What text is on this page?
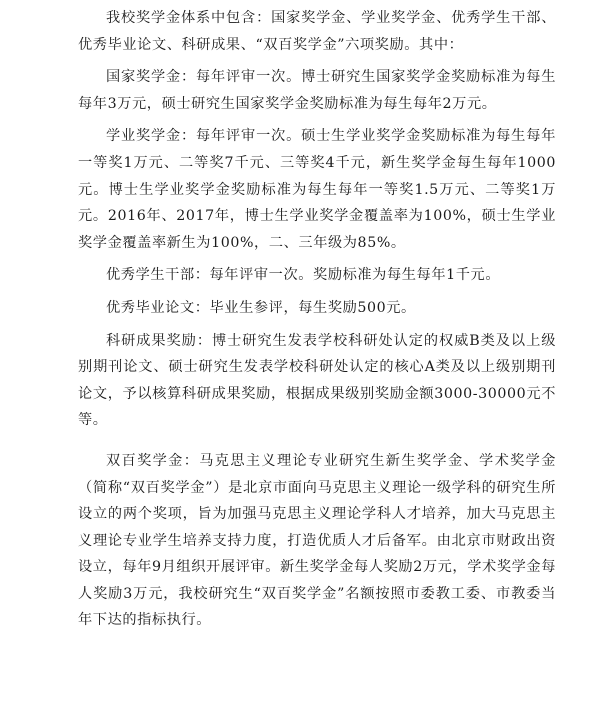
我校奖学金体系中包含：国家奖学金、学业奖学金、优秀学生干部、优秀毕业论文、科研成果、“双百奖学金”六项奖励。其中：

国家奖学金：每年评审一次。博士研究生国家奖学金奖励标准为每生每年3万元，硕士研究生国家奖学金奖励标准为每生每年2万元。

学业奖学金：每年评审一次。硕士生学业奖学金奖励标准为每生每年一等奖1万元、二等奖7千元、三等奖4千元，新生奖学金每生每年1000元。博士生学业奖学金奖励标准为每生每年一等奖1.5万元、二等奖1万元。2016年、2017年，博士生学业奖学金覆盖率为100%，硕士生学业奖学金覆盖率新生为100%，二、三年级为85%。

优秀学生干部：每年评审一次。奖励标准为每生每年1千元。

优秀毕业论文：毕业生参评，每生奖励500元。

科研成果奖励：博士研究生发表学校科研处认定的权威B类及以上级别期刊论文、硕士研究生发表学校科研处认定的核心A类及以上级别期刊论文，予以核算科研成果奖励，根据成果级别奖励金额3000-30000元不等。

双百奖学金：马克思主义理论专业研究生新生奖学金、学术奖学金（简称“双百奖学金”）是北京市面向马克思主义理论一级学科的研究生所设立的两个奖项，旨为加强马克思主义理论学科人才培养，加大马克思主义理论专业学生培养支持力度，打造优质人才后备军。由北京市财政出资设立，每年9月组织开展评审。新生奖学金每人奖励2万元，学术奖学金每人奖励3万元，我校研究生“双百奖学金”名额按照市委教工委、市教委当年下达的指标执行。
